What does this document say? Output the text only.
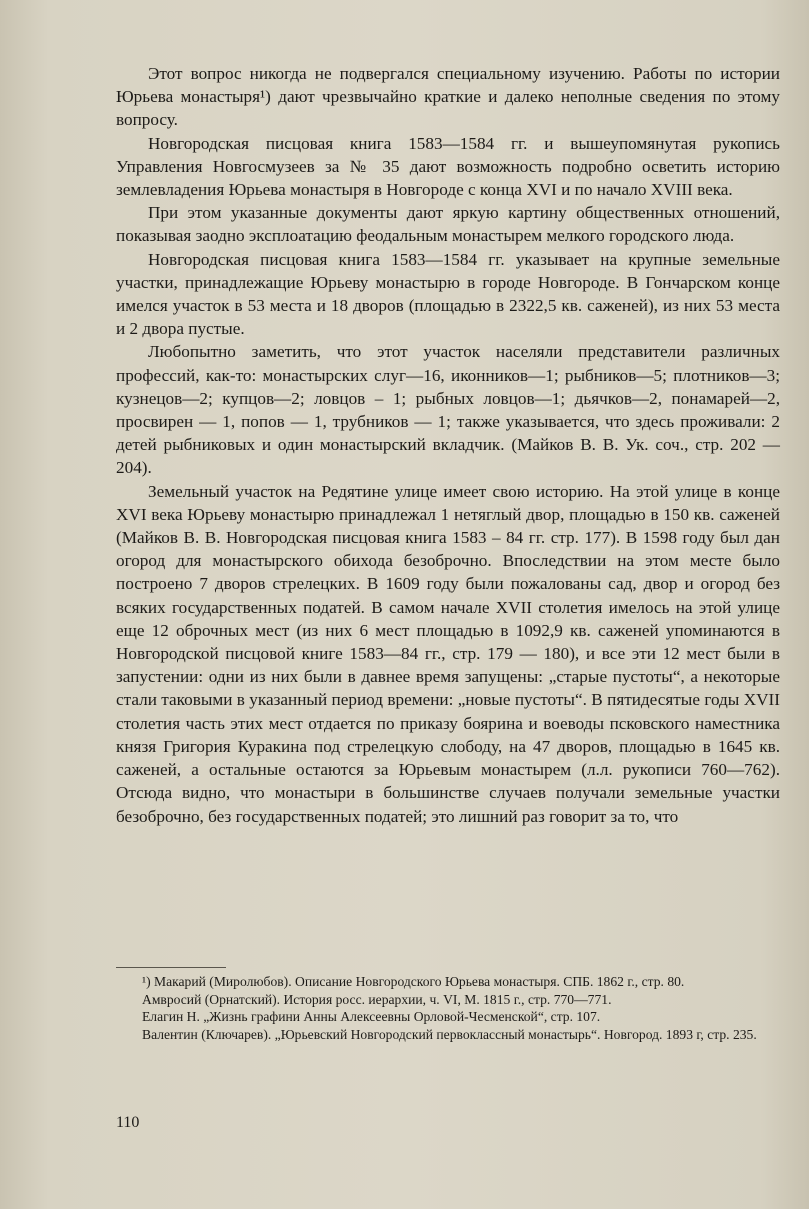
Этот вопрос никогда не подвергался специальному изучению. Работы по истории Юрьева монастыря¹) дают чрезвычайно краткие и далеко неполные сведения по этому вопросу.

Новгородская писцовая книга 1583—1584 гг. и вышеупомянутая рукопись Управления Новгосмузеев за № 35 дают возможность подробно осветить историю землевладения Юрьева монастыря в Новгороде с конца XVI и по начало XVIII века.

При этом указанные документы дают яркую картину общественных отношений, показывая заодно эксплоатацию феодальным монастырем мелкого городского люда.

Новгородская писцовая книга 1583—1584 гг. указывает на крупные земельные участки, принадлежащие Юрьеву монастырю в городе Новгороде. В Гончарском конце имелся участок в 53 места и 18 дворов (площадью в 2322,5 кв. саженей), из них 53 места и 2 двора пустые.

Любопытно заметить, что этот участок населяли представители различных профессий, как-то: монастырских слуг—16, иконников—1; рыбников—5; плотников—3; кузнецов—2; купцов—2; ловцов – 1; рыбных ловцов—1; дьячков—2, понамарей—2, просвирен — 1, попов — 1, трубников — 1; также указывается, что здесь проживали: 2 детей рыбниковых и один монастырский вкладчик. (Майков В. В. Ук. соч., стр. 202 — 204).

Земельный участок на Редятине улице имеет свою историю. На этой улице в конце XVI века Юрьеву монастырю принадлежал 1 нетяглый двор, площадью в 150 кв. саженей (Майков В. В. Новгородская писцовая книга 1583 – 84 гг. стр. 177). В 1598 году был дан огород для монастырского обихода безоброчно. Впоследствии на этом месте было построено 7 дворов стрелецких. В 1609 году были пожалованы сад, двор и огород без всяких государственных податей. В самом начале XVII столетия имелось на этой улице еще 12 оброчных мест (из них 6 мест площадью в 1092,9 кв. саженей упоминаются в Новгородской писцовой книге 1583—84 гг., стр. 179 — 180), и все эти 12 мест были в запустении: одни из них были в давнее время запущены: „старые пустоты“, а некоторые стали таковыми в указанный период времени: „новые пустоты“. В пятидесятые годы XVII столетия часть этих мест отдается по приказу боярина и воеводы псковского наместника князя Григория Куракина под стрелецкую слободу, на 47 дворов, площадью в 1645 кв. саженей, а остальные остаются за Юрьевым монастырем (л.л. рукописи 760—762). Отсюда видно, что монастыри в большинстве случаев получали земельные участки безоброчно, без государственных податей; это лишний раз говорит за то, что

¹) Макарий (Миролюбов). Описание Новгородского Юрьева монастыря. СПБ. 1862 г., стр. 80.

Амвросий (Орнатский). История росс. иерархии, ч. VI, М. 1815 г., стр. 770—771.

Елагин Н. „Жизнь графини Анны Алексеевны Орловой-Чесменской“, стр. 107.

Валентин (Ключарев). „Юрьевский Новгородский первоклассный монастырь“. Новгород. 1893 г, стр. 235.

110
